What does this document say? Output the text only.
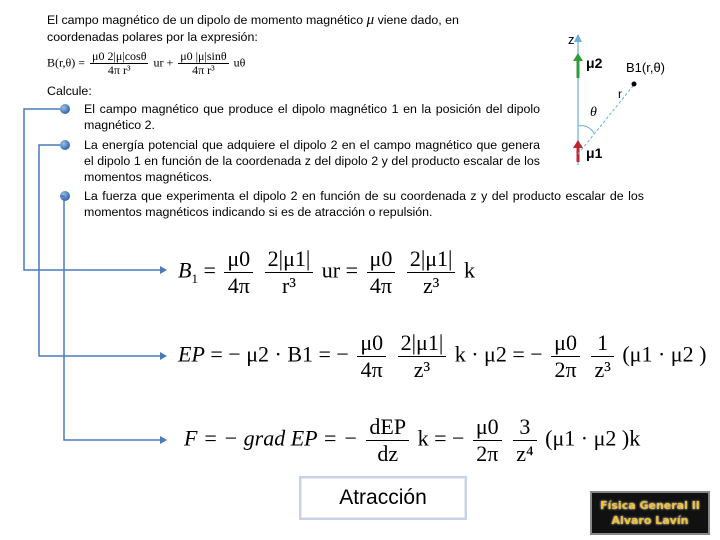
El campo magnético de un dipolo de momento magnético μ viene dado, en
coordenadas polares por la expresión:
$B(r,\theta) = \frac{\mu 0 2|\mu|\cos\theta}{\text{4π r³}}$ ur + $\frac{\mu 0 |\mu|\sin\theta}{\text{4π r³}}$ uθ
Calcule:
El campo magnético que produce el dipolo magnético 1 en la posición del dipolo magnético 2.
La energía potencial que adquiere el dipolo 2 en el campo magnético que genera el dipolo 1 en función de la coordenada z del dipolo 2 y del producto escalar de los momentos magnéticos.
La fuerza que experimenta el dipolo 2 en función de su coordenada z y del producto escalar de los momentos magnéticos indicando si es de atracción o repulsión.
z
μ2
μ1
B1(r,θ)
r
θ
$B_1 = \frac{\mu 0}{4\pi}$
$\frac{2|\mu 1|}{\text{r³}}$ ur = $\frac{\mu 0}{4\pi}$
$\frac{2|\mu 1|}{\text{z³}}$ k
EP = − μ2 · B1 = − $\frac{\mu 0}{4\pi}$
$\frac{2|\mu 1|}{\text{z³}}$ k · μ2 = − $\frac{\mu 0}{2\pi}$
$\frac{1}{\text{z³}} (\mu 1 \cdot \mu 2$ )
F = − grad EP = − dEP
dz
k = − $\frac{\mu 0}{2\pi}$
$\frac{3}{\text{z⁴}} (\mu 1 \cdot \mu 2$ )k
Atracción	Física General II
Alvaro Lavín
